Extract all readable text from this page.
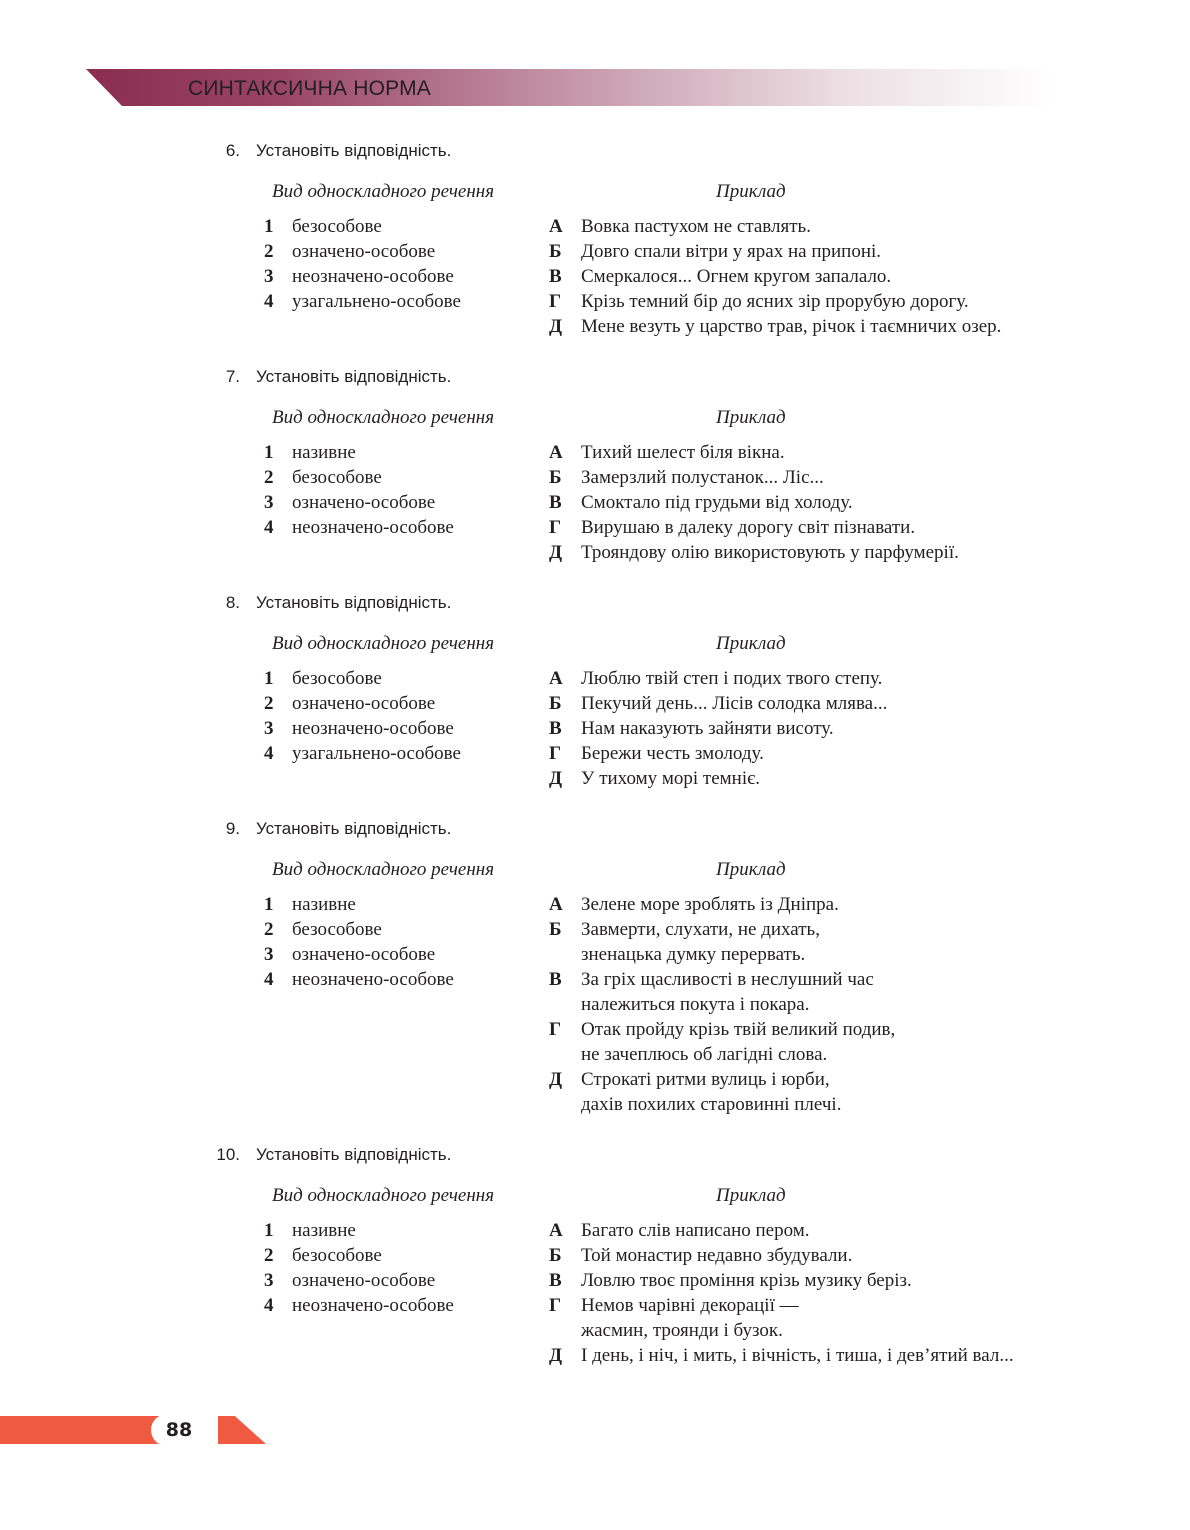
СИНТАКСИЧНА НОРМА
6. Установіть відповідність.
Вид односкладного речення	Приклад
1 безособове
2 означено-особове
3 неозначено-особове
4 узагальнено-особове
А Вовка пастухом не ставлять.
Б Довго спали вітри у ярах на припоні.
В Смеркалося... Огнем кругом запалало.
Г Крізь темний бір до ясних зір прорубую дорогу.
Д Мене везуть у царство трав, річок і таємничих озер.
7. Установіть відповідність.
Вид односкладного речення	Приклад
1 називне
2 безособове
3 означено-особове
4 неозначено-особове
А Тихий шелест біля вікна.
Б Замерзлий полустанок... Ліс...
В Смоктало під грудьми від холоду.
Г Вирушаю в далеку дорогу світ пізнавати.
Д Трояндову олію використовують у парфумерії.
8. Установіть відповідність.
Вид односкладного речення	Приклад
1 безособове
2 означено-особове
3 неозначено-особове
4 узагальнено-особове
А Люблю твій степ і подих твого степу.
Б Пекучий день... Лісів солодка млява...
В Нам наказують зайняти висоту.
Г Бережи честь змолоду.
Д У тихому морі темніє.
9. Установіть відповідність.
Вид односкладного речення	Приклад
1 називне
2 безособове
3 означено-особове
4 неозначено-особове
А Зелене море зроблять із Дніпра.
Б Завмерти, слухати, не дихать,
зненацька думку перервать.
В За гріх щасливості в неслушний час
належиться покута і покара.
Г Отак пройду крізь твій великий подив,
не зачеплюсь об лагідні слова.
Д Строкаті ритми вулиць і юрби,
дахів похилих старовинні плечі.
10. Установіть відповідність.
Вид односкладного речення	Приклад
1 називне
2 безособове
3 означено-особове
4 неозначено-особове
А Багато слів написано пером.
Б Той монастир недавно збудували.
В Ловлю твоє проміння крізь музику беріз.
Г Немов чарівні декорації —
жасмин, троянди і бузок.
Д І день, і ніч, і мить, і вічність, і тиша, і дев’ятий вал...
88
